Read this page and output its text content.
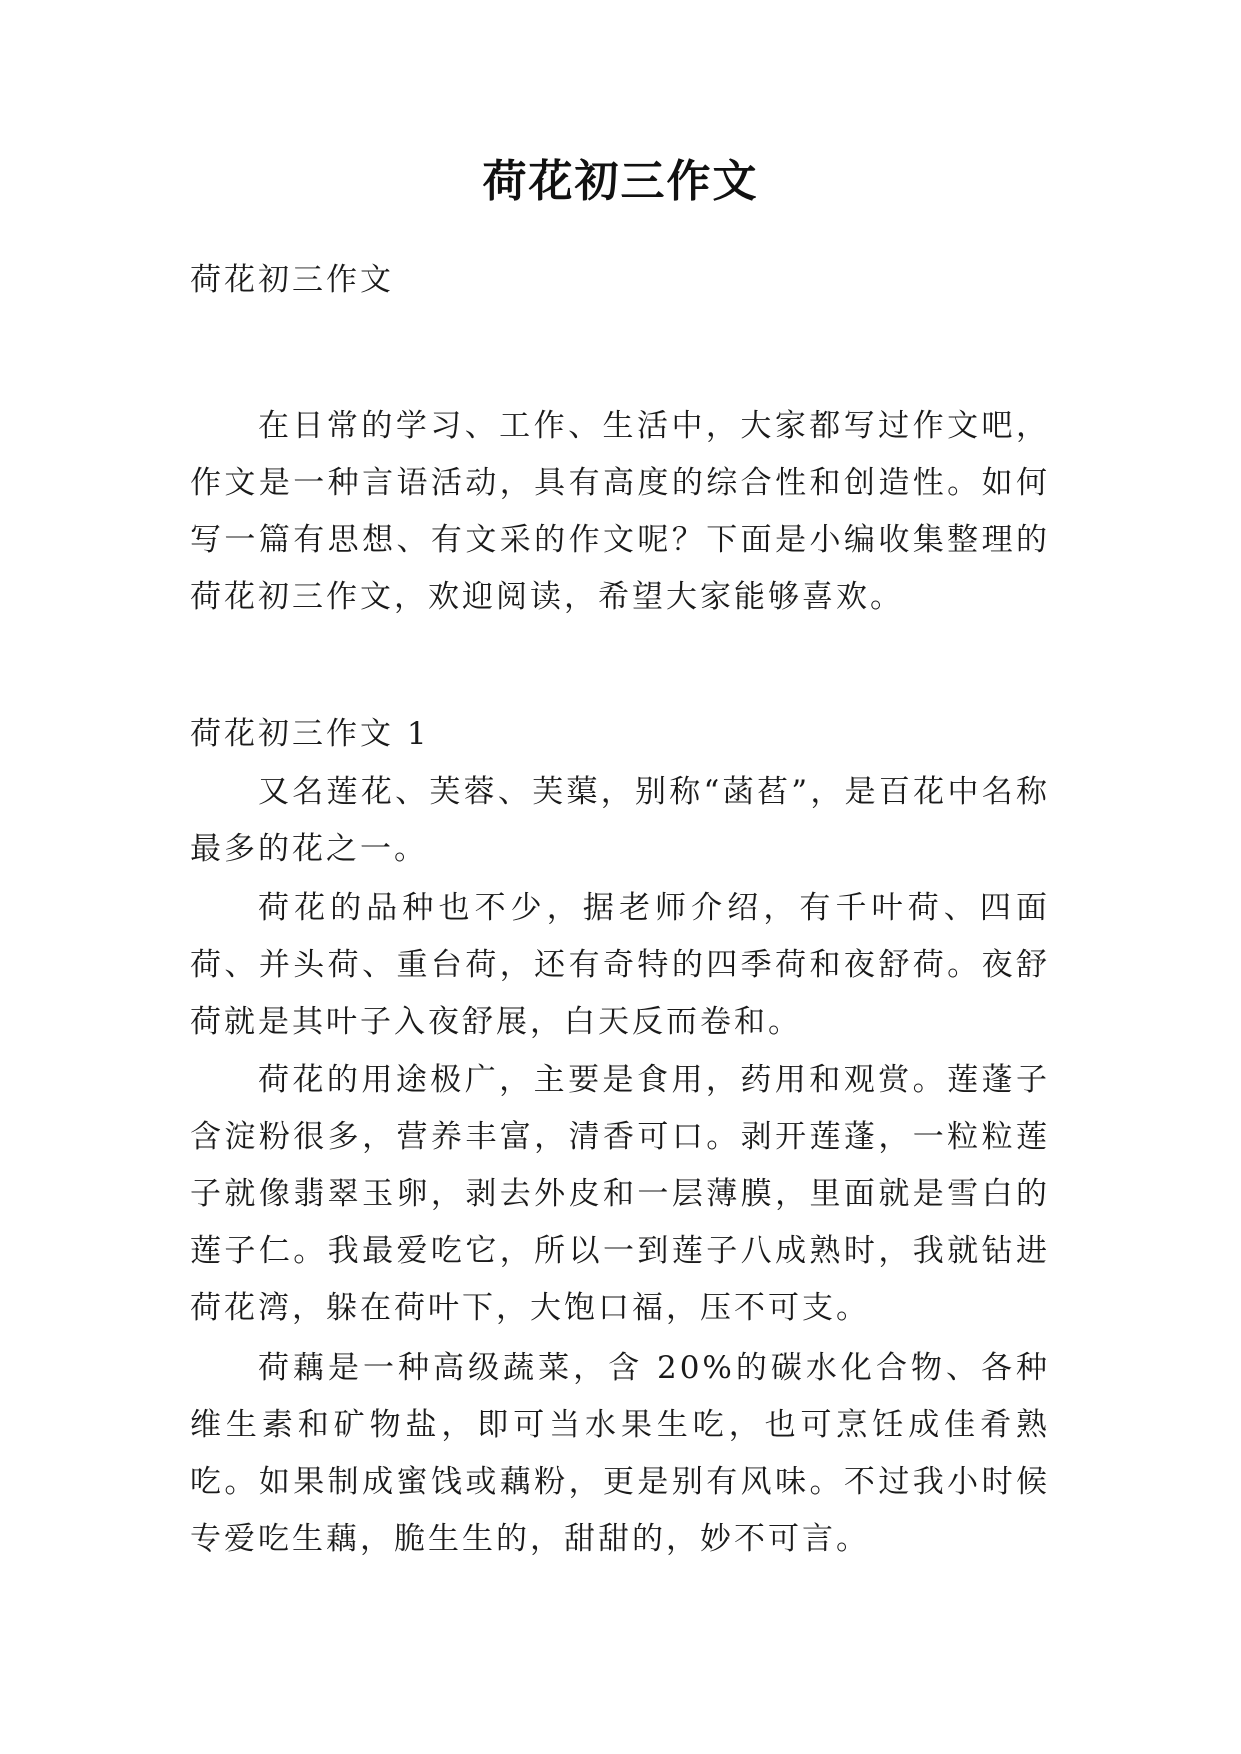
荷花初三作文

荷花初三作文

在日常的学习、工作、生活中，大家都写过作文吧，作文是一种言语活动，具有高度的综合性和创造性。如何写一篇有思想、有文采的作文呢？下面是小编收集整理的荷花初三作文，欢迎阅读，希望大家能够喜欢。

荷花初三作文 1

又名莲花、芙蓉、芙蕖，别称“菡萏”，是百花中名称最多的花之一。

荷花的品种也不少，据老师介绍，有千叶荷、四面荷、并头荷、重台荷，还有奇特的四季荷和夜舒荷。夜舒荷就是其叶子入夜舒展，白天反而卷和。

荷花的用途极广，主要是食用，药用和观赏。莲蓬子含淀粉很多，营养丰富，清香可口。剥开莲蓬，一粒粒莲子就像翡翠玉卵，剥去外皮和一层薄膜，里面就是雪白的莲子仁。我最爱吃它，所以一到莲子八成熟时，我就钻进荷花湾，躲在荷叶下，大饱口福，压不可支。

荷藕是一种高级蔬菜，含 20%的碳水化合物、各种维生素和矿物盐，即可当水果生吃，也可烹饪成佳肴熟吃。如果制成蜜饯或藕粉，更是别有风味。不过我小时候专爱吃生藕，脆生生的，甜甜的，妙不可言。
